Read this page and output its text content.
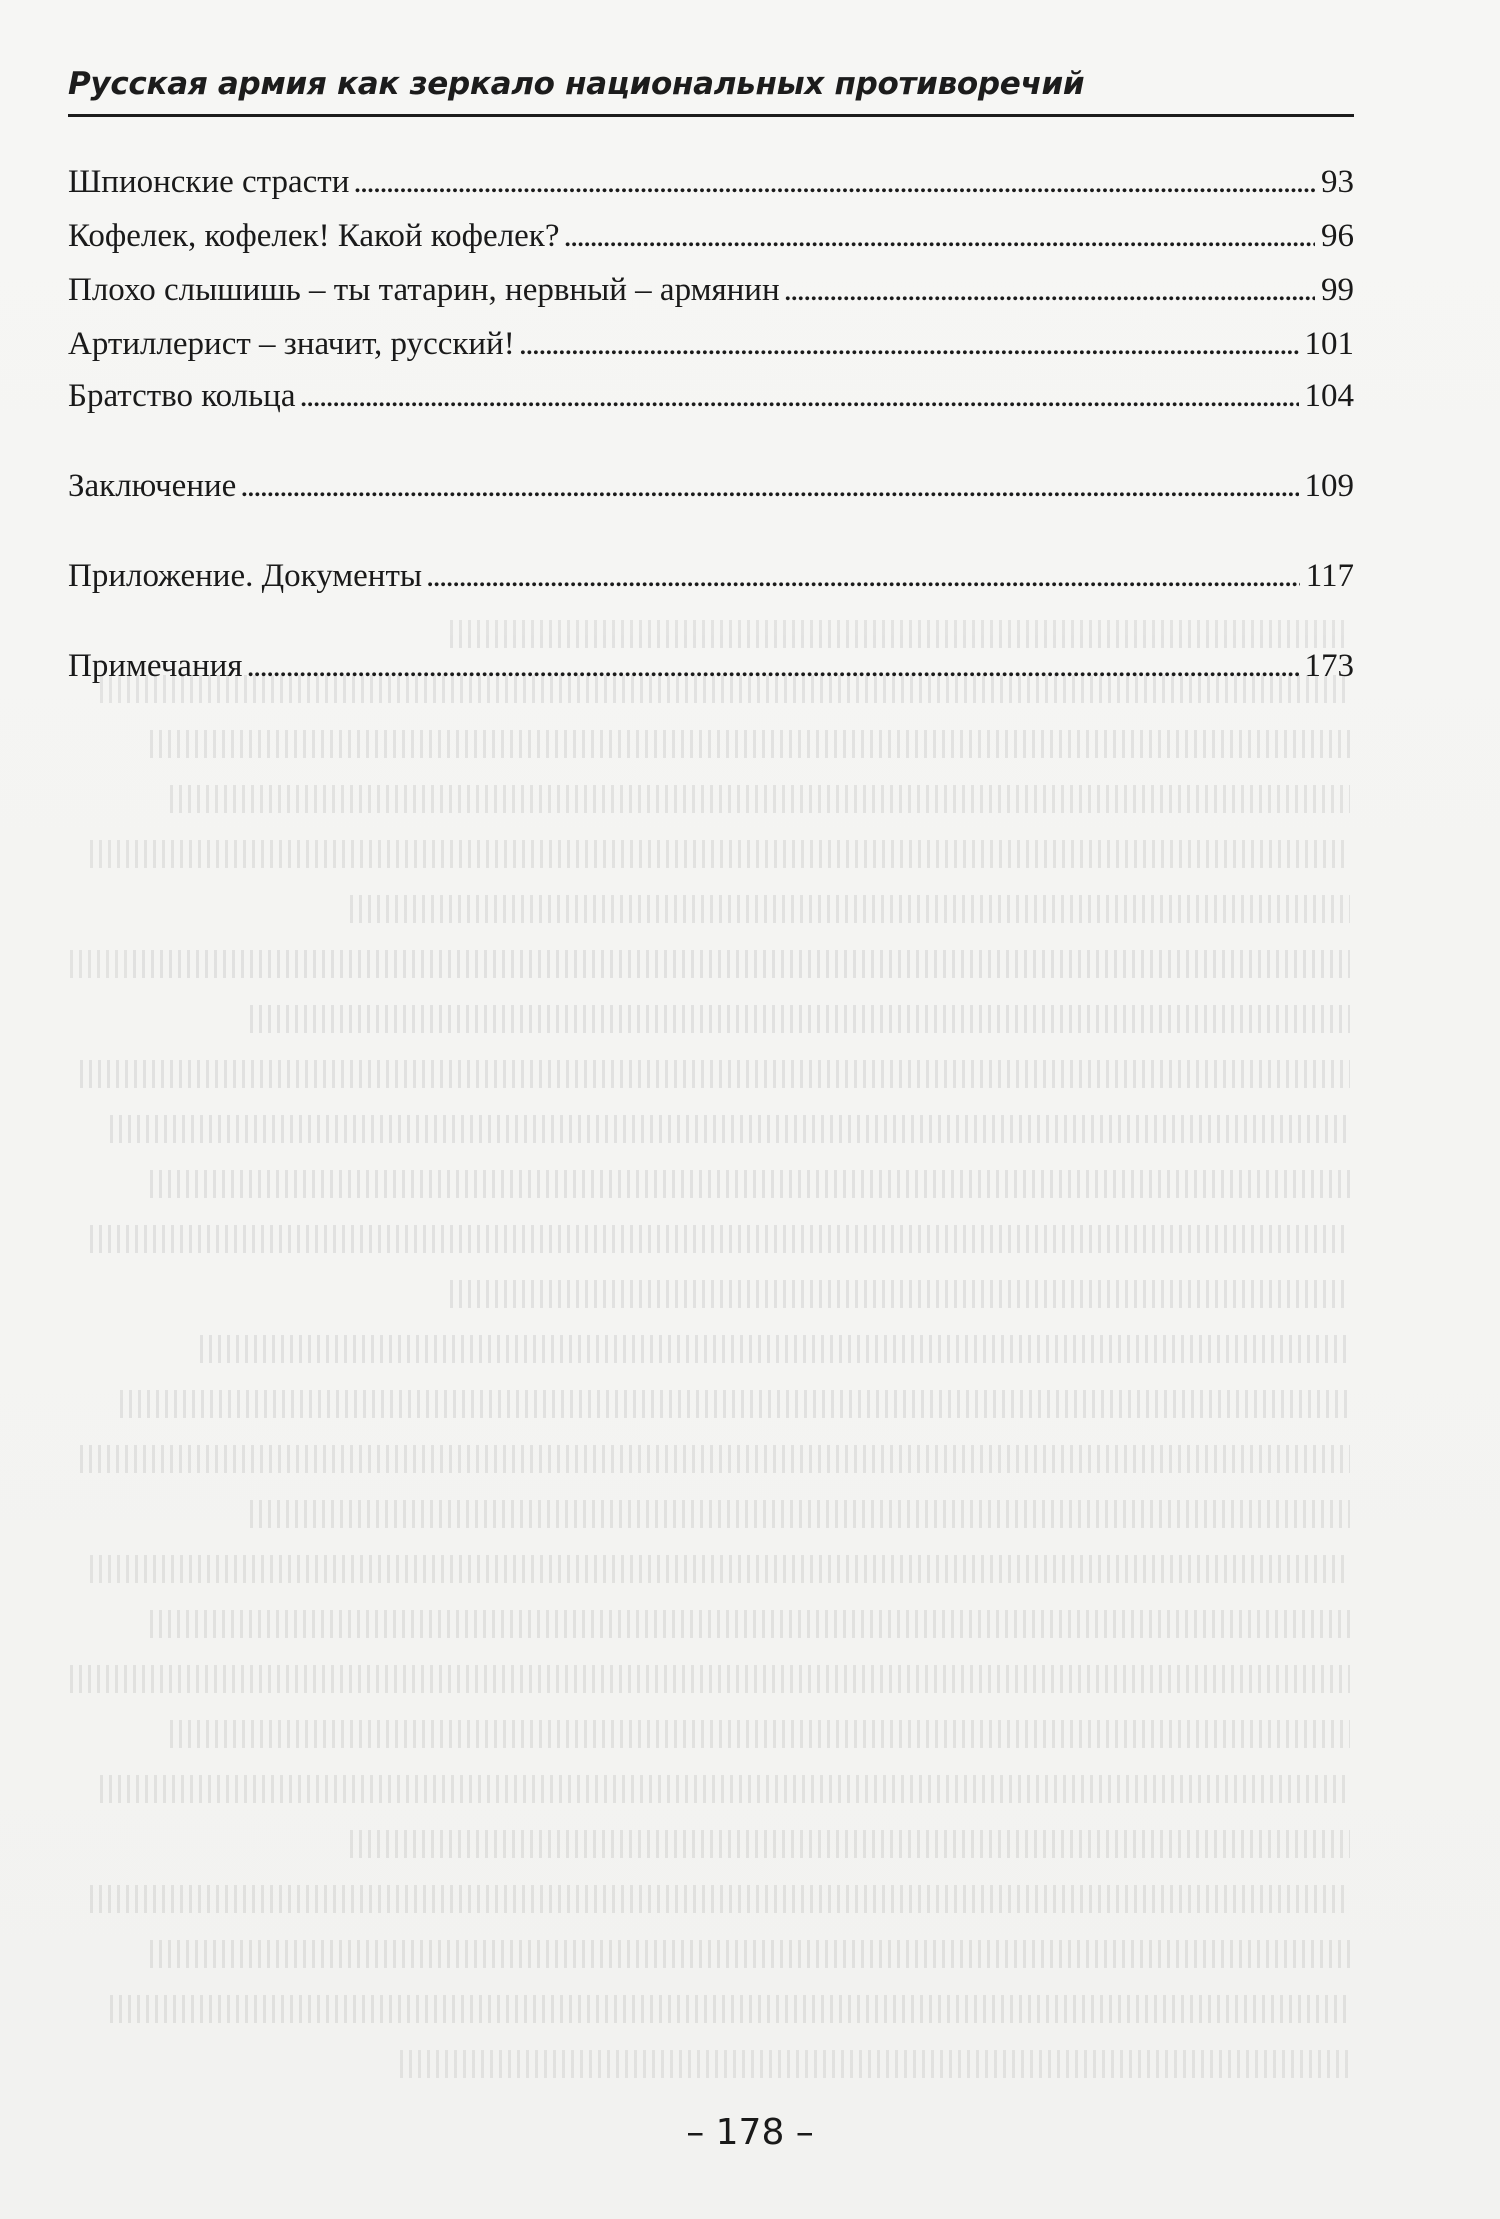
Русская армия как зеркало национальных противоречий
Шпионские страсти . . .	93
Кофелек, кофелек! Какой кофелек? . . .	96
Плохо слышишь – ты татарин, нервный – армянин . . .	99
Артиллерист – значит, русский! . . .	101
Братство кольца . . .	104
Заключение . . .	109
Приложение. Документы . . .	117
Примечания . . .	173
– 178 –
